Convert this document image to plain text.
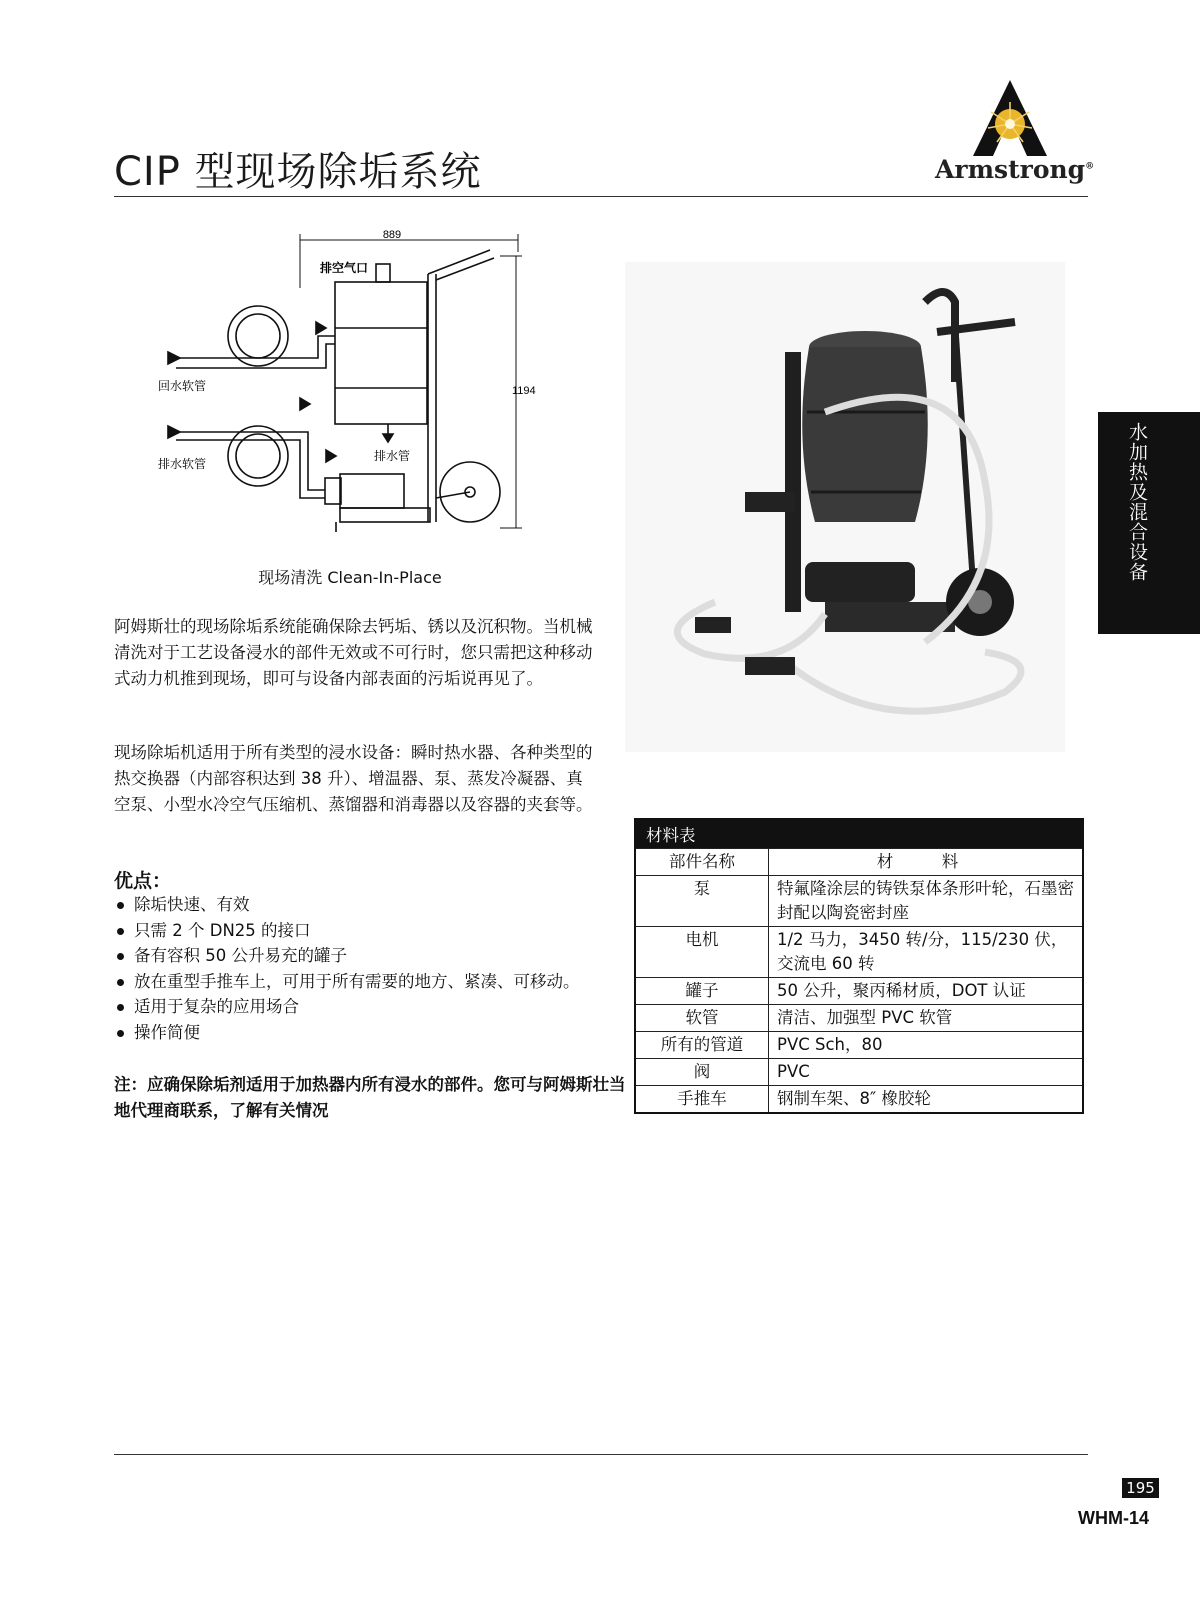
CIP 型现场除垢系统	Armstrong®
水加热及混合设备
889
1194
排空气口
回水软管
排水软管
排水管
现场清洗 Clean-In-Place
阿姆斯壮的现场除垢系统能确保除去钙垢、锈以及沉积物。当机械清洗对于工艺设备浸水的部件无效或不可行时，您只需把这种移动式动力机推到现场，即可与设备内部表面的污垢说再见了。
现场除垢机适用于所有类型的浸水设备：瞬时热水器、各种类型的热交换器（内部容积达到 38 升）、增温器、泵、蒸发冷凝器、真空泵、小型水冷空气压缩机、蒸馏器和消毒器以及容器的夹套等。
优点：
除垢快速、有效
只需 2 个 DN25 的接口
备有容积 50 公升易充的罐子
放在重型手推车上，可用于所有需要的地方、紧凑、可移动。
适用于复杂的应用场合
操作简便
注：应确保除垢剂适用于加热器内所有浸水的部件。您可与阿姆斯壮当地代理商联系，了解有关情况
材料表	
部件名称	材　料
泵	特氟隆涂层的铸铁泵体条形叶轮，石墨密封配以陶瓷密封座
电机	1/2 马力，3450 转/分，115/230 伏，交流电 60 转
罐子	50 公升，聚丙稀材质，DOT 认证
软管	清洁、加强型 PVC 软管
所有的管道	PVC Sch，80
阀	PVC
手推车	钢制车架、8″ 橡胶轮
195
WHM-14
